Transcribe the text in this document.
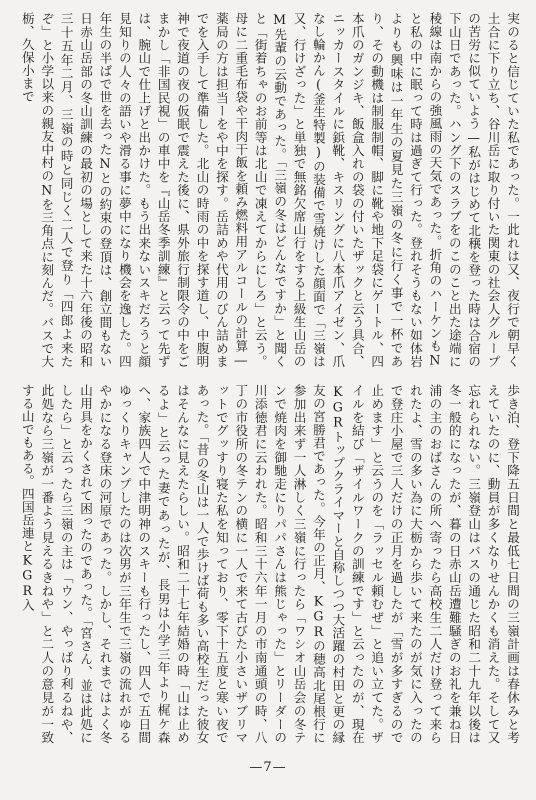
実のると信じていた私であった。一此れは又、夜行で朝早く土合に下り立ち、谷川岳に取り付いた関東の社会人グループの苦労に似ていよう—私がはじめて北穣を登った時は合宿の下山日であった。ハング下のスラブをのこのこと出た途端に稜線は南からの強風雨の天気であった。折角のハーケンもNと私の中に眠って時は過ぎて行った。登れそうもない如体岩よりも興味は一年生の夏見た三嶺の冬に行く事で一杯であり、その動機は制服制帽、脚に靴や地下足袋にゲートル、四本爪のガンジキ、飯盒入れの袋の付いたザックと云う具合、ニッカースタイルに鋲靴、キスリングに八本爪アイゼン、爪なし輪かん(釜生特製)の装備で雪焼けした顔面で「三嶺は又、行けざった」と単独で無銘欠席山行をする上級生山岳のM先輩の云動であった。「三嶺の冬はどんなですか」と聞くと「街着ちゃのお前等は北山で凍えてからにしろ」と云う。母に二重毛布袋や干肉干飯を頼み燃料用アルコールの計算―薬局の方は担当ーをや中を探す。岳詰めや代用のびん詰めまでを入手して準備した。北山の時雨の中を探す道し、中腹明神で夜道の夜の仮眠で震えた後に、県外旅行制限令の中をごまかし「非国民視」の車中を『山岳冬季訓練』と云って先ずは、腕山で仕上げと出かけた。もう出来ないスキだろうと顔見知りの人々の語いや滑る事に夢中になり機会を逸した。四年生の半ばで世を去ったNとの約束の登頂は、創立間もない日赤山岳部の冬山訓練の最初の場として来た十六年後の昭和三十五年二月、三嶺の時と同じく二人で登り「四郎よ来たぞ」と小学以来の親友中村のNを三角点に刻んだ。バスで大栃、久保小まで
歩き泊、登下降五日間と最低七日間の三嶺計画は春休みと考えていたのに、動員が多くなりせんかくも消えた。そして又忘れられない。三嶺登山はバスの通じた昭和二十九年以後は冬一般的になったが、暮の日赤山岳遭難騒ぎのお礼を兼ね日浦の主のおばさんの所へ寄ったら高校生二人だけ登って来られたよ、雪の多い為に大栃から歩いて来たのが気に入ったので登庄小屋で三人だけの正月を過したが「雪が多すぎるので止めます」と云うのを「ラッセル頼むぜ」と追い立てた。ザイルを結び「ザイルワークの訓練です」と云ったのが、現在KGRトップクライマーと自称しつつ大活躍の村田と更の縁友の宮勝君であった。今年の正月、KGRの穂高北尾根行に参加出来ず一人淋しく三嶺に行ったら「ワシオ山岳会の冬テンで焼肉を御馳走にりパパさんは熊じゃった」とリーダーの川添徳君に云われた。昭和三十六年一月の市南通頭の時、八丁の市役所の冬テンの横に一人で来て古びた小さいザブリマットでグッすり寝た私を知っており、零下十五度と寒い夜であった。「昔の冬山は一人で歩けば荷も多い高校生だった彼女はそんなに見えたらしい。昭和二十七年結婚の時「山は止めるよ」と云った妻であったが、長男は小学三年より梶ケ森へ、家族四人で中津明神のスキーも行ったし、四人で五日間ゆっくりキャンプしたのは次男が三年生で三嶺の流れがゆるやかになる登床の河原であった。しかし、それまではよく冬山用具をかくされて困ったのであった。「宮さん、並は此処にしたら」と云ったら三嶺の主は「ウン、やっぱり利るねや、此処なら三嶺が一番よう見えるきねや」と二人の意見が一致する山でもある。四国岳連とKGR入
—7—
